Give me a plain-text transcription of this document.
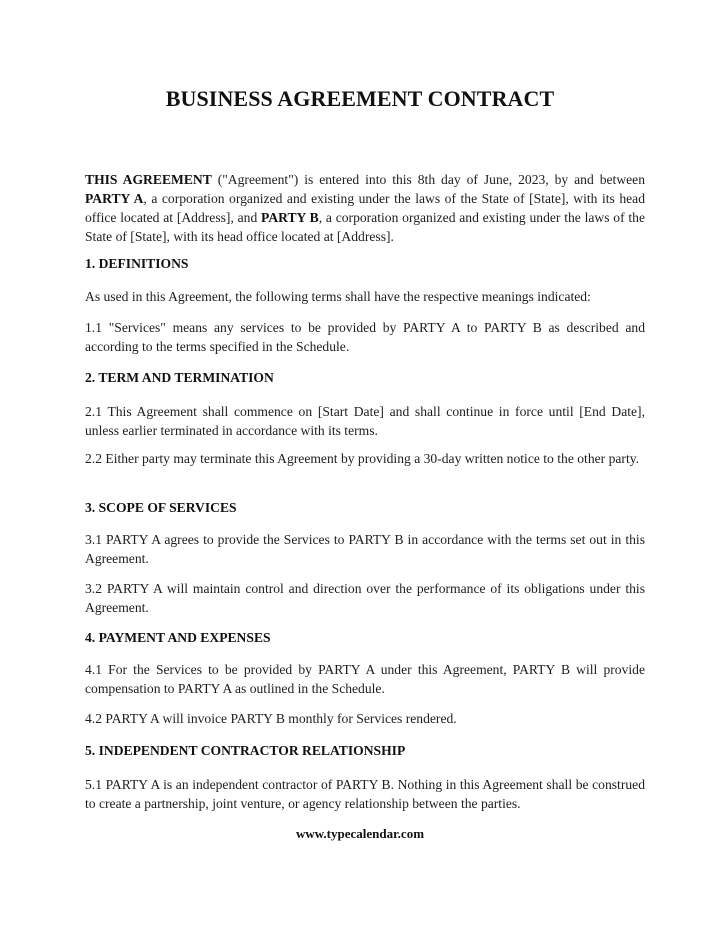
BUSINESS AGREEMENT CONTRACT
THIS AGREEMENT ("Agreement") is entered into this 8th day of June, 2023, by and between PARTY A, a corporation organized and existing under the laws of the State of [State], with its head office located at [Address], and PARTY B, a corporation organized and existing under the laws of the State of [State], with its head office located at [Address].
1. DEFINITIONS
As used in this Agreement, the following terms shall have the respective meanings indicated:
1.1 "Services" means any services to be provided by PARTY A to PARTY B as described and according to the terms specified in the Schedule.
2. TERM AND TERMINATION
2.1 This Agreement shall commence on [Start Date] and shall continue in force until [End Date], unless earlier terminated in accordance with its terms.
2.2 Either party may terminate this Agreement by providing a 30-day written notice to the other party.
3. SCOPE OF SERVICES
3.1 PARTY A agrees to provide the Services to PARTY B in accordance with the terms set out in this Agreement.
3.2 PARTY A will maintain control and direction over the performance of its obligations under this Agreement.
4. PAYMENT AND EXPENSES
4.1 For the Services to be provided by PARTY A under this Agreement, PARTY B will provide compensation to PARTY A as outlined in the Schedule.
4.2 PARTY A will invoice PARTY B monthly for Services rendered.
5. INDEPENDENT CONTRACTOR RELATIONSHIP
5.1 PARTY A is an independent contractor of PARTY B. Nothing in this Agreement shall be construed to create a partnership, joint venture, or agency relationship between the parties.
www.typecalendar.com
